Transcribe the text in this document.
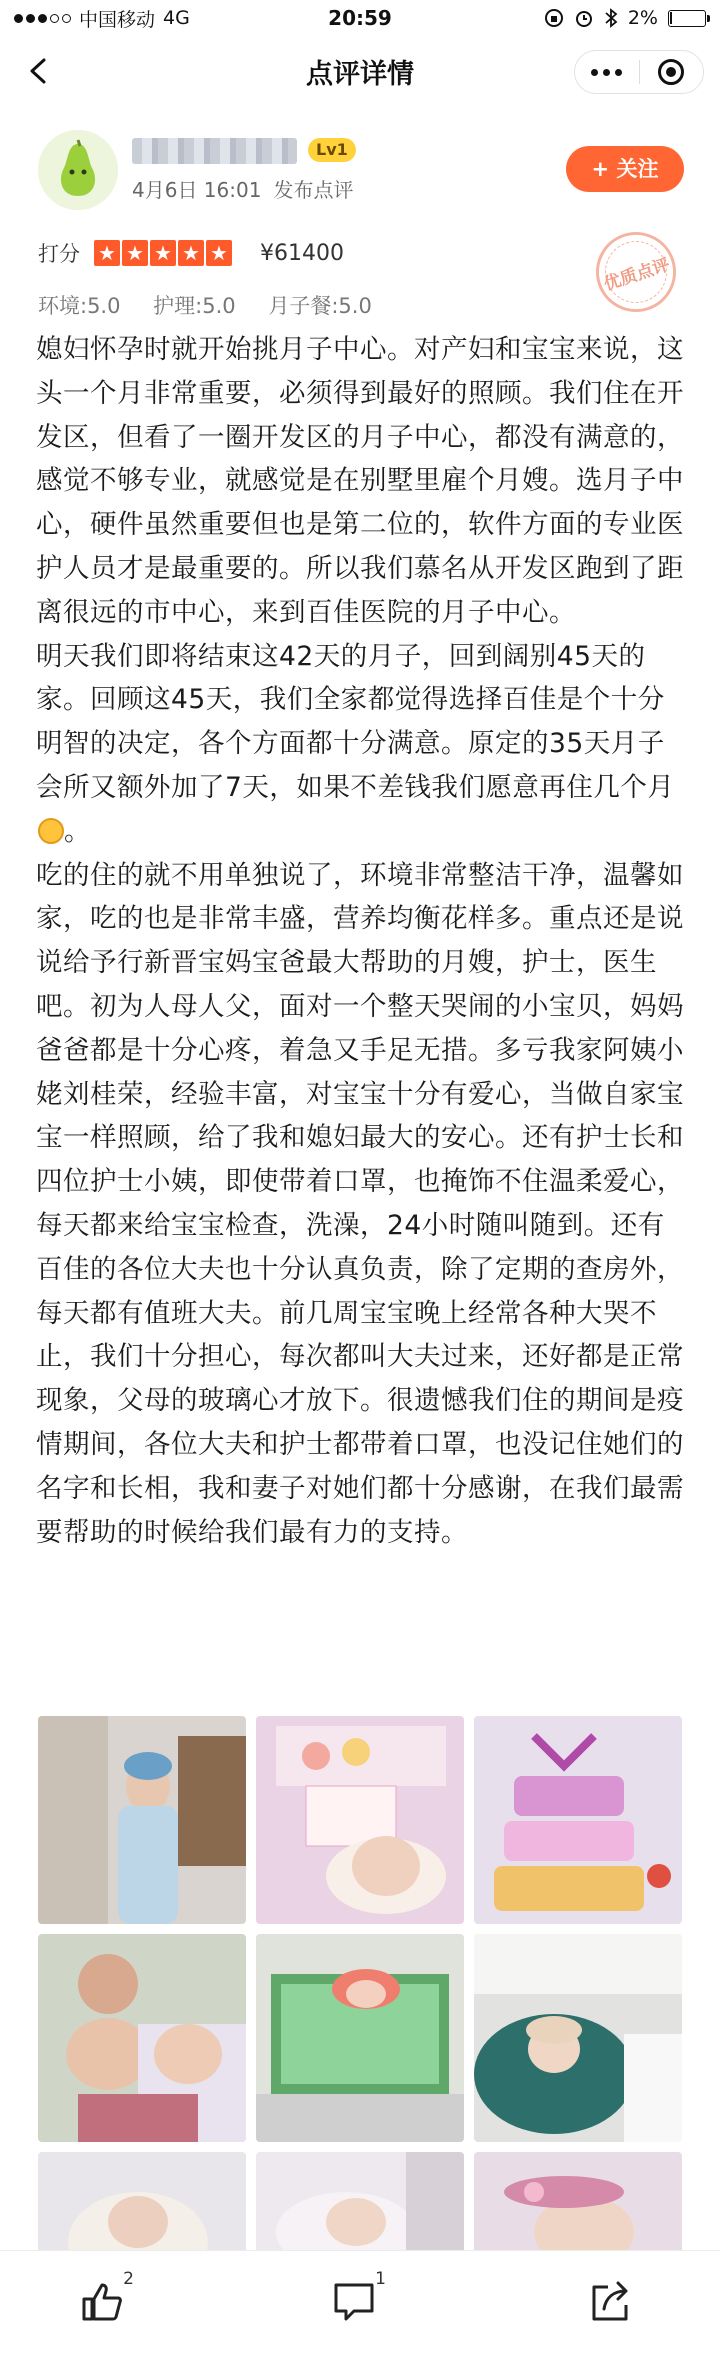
中国移动 4G	20:59	2%
点评详情
Lv1
4月6日 16:01 发布点评
+ 关注
打分 ★ ★ ★ ★ ★ ¥61400
环境:5.0 护理:5.0 月子餐:5.0
优质点评

媳妇怀孕时就开始挑月子中心。对产妇和宝宝来说，这头一个月非常重要，必须得到最好的照顾。我们住在开发区，但看了一圈开发区的月子中心，都没有满意的，感觉不够专业，就感觉是在别墅里雇个月嫂。选月子中心，硬件虽然重要但也是第二位的，软件方面的专业医护人员才是最重要的。所以我们慕名从开发区跑到了距离很远的市中心，来到百佳医院的月子中心。

明天我们即将结束这42天的月子，回到阔别45天的家。回顾这45天，我们全家都觉得选择百佳是个十分明智的决定，各个方面都十分满意。原定的35天月子会所又额外加了7天，如果不差钱我们愿意再住几个月。

吃的住的就不用单独说了，环境非常整洁干净，温馨如家，吃的也是非常丰盛，营养均衡花样多。重点还是说说给予行新晋宝妈宝爸最大帮助的月嫂，护士，医生吧。初为人母人父，面对一个整天哭闹的小宝贝，妈妈爸爸都是十分心疼，着急又手足无措。多亏我家阿姨小姥刘桂荣，经验丰富，对宝宝十分有爱心，当做自家宝宝一样照顾，给了我和媳妇最大的安心。还有护士长和四位护士小姨，即使带着口罩，也掩饰不住温柔爱心，每天都来给宝宝检查，洗澡，24小时随叫随到。还有百佳的各位大夫也十分认真负责，除了定期的查房外，每天都有值班大夫。前几周宝宝晚上经常各种大哭不止，我们十分担心，每次都叫大夫过来，还好都是正常现象，父母的玻璃心才放下。很遗憾我们住的期间是疫情期间，各位大夫和护士都带着口罩，也没记住她们的名字和长相，我和妻子对她们都十分感谢，在我们最需要帮助的时候给我们最有力的支持。

2	1
